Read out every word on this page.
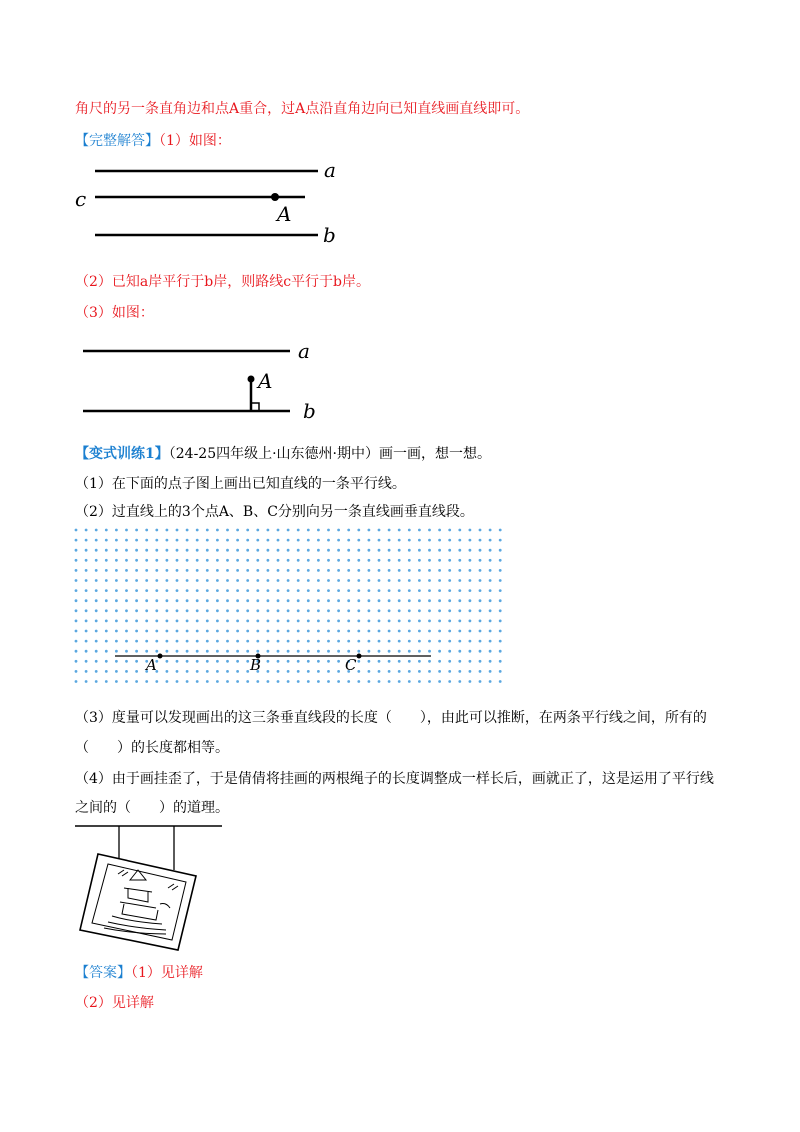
角尺的另一条直角边和点A重合，过A点沿直角边向已知直线画直线即可。
【完整解答】（1）如图：
a
c
A
b
（2）已知a岸平行于b岸，则路线c平行于b岸。
（3）如图：
a
A
b
【变式训练1】（24-25四年级上·山东德州·期中）画一画，想一想。
（1）在下面的点子图上画出已知直线的一条平行线。
（2）过直线上的3个点A、B、C分别向另一条直线画垂直线段。
A	B	C
（3）度量可以发现画出的这三条垂直线段的长度（　　），由此可以推断，在两条平行线之间，所有的
（　　）的长度都相等。
（4）由于画挂歪了，于是倩倩将挂画的两根绳子的长度调整成一样长后，画就正了，这是运用了平行线
之间的（　　）的道理。
【答案】（1）见详解
（2）见详解
